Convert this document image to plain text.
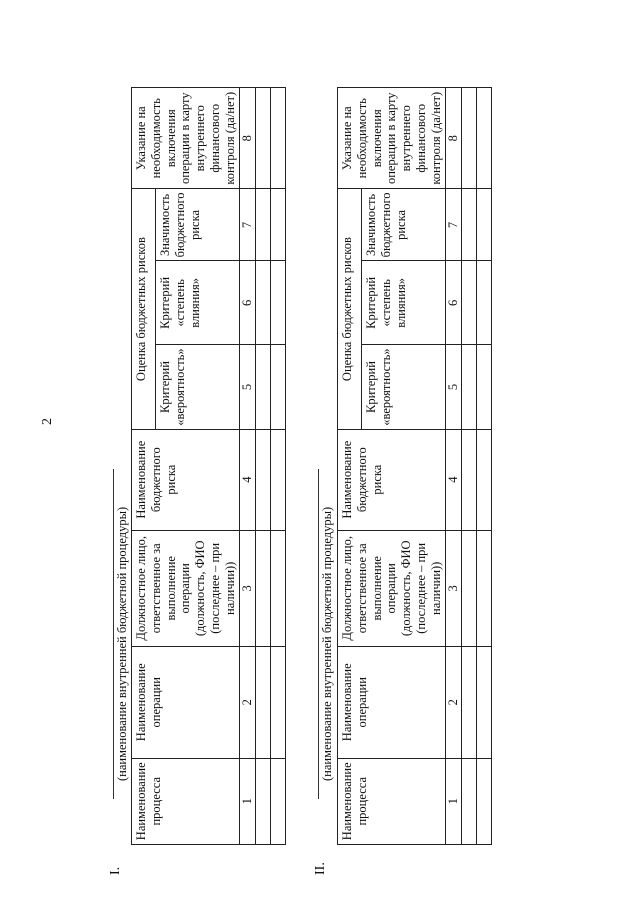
2
I.
(наименование внутренней бюджетной процедуры)
Наименование процесса	Наименование операции	Должностное лицо, ответственное за выполнение операции (должность, ФИО (последнее – при наличии))	Наименование бюджетного риска	Оценка бюджетных рисков			Указание на необходимость включения операции в карту внутреннего финансового контроля (да/нет)
				Критерий «вероятность»	Критерий «степень влияния»	Значимость бюджетного риска	
1	2	3	4	5	6	7	8

II.
(наименование внутренней бюджетной процедуры)
Наименование процесса	Наименование операции	Должностное лицо, ответственное за выполнение операции (должность, ФИО (последнее – при наличии))	Наименование бюджетного риска	Оценка бюджетных рисков			Указание на необходимость включения операции в карту внутреннего финансового контроля (да/нет)
				Критерий «вероятность»	Критерий «степень влияния»	Значимость бюджетного риска	
1	2	3	4	5	6	7	8
